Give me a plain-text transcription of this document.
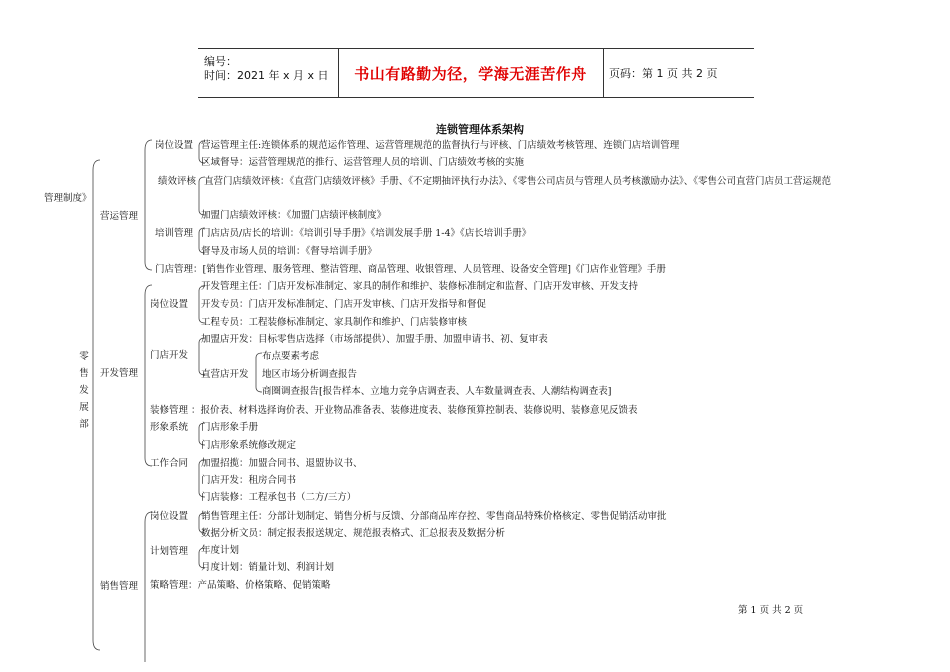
编号：
时间：2021 年 x 月 x 日	书山有路勤为径，学海无涯苦作舟	页码：第 1 页 共 2 页
连锁管理体系架构
零
售
发
展
部
管理制度》
营运管理
岗位设置 营运管理主任:连锁体系的规范运作管理、运营管理规范的监督执行与评核、门店绩效考核管理、连锁门店培训管理
区域督导：运营管理规范的推行、运营管理人员的培训、门店绩效考核的实施
绩效评核 直营门店绩效评核：《直营门店绩效评核》手册、《不定期抽评执行办法》、《零售公司店员与管理人员考核激励办法》、《零售公司直营门店员工营运规范
加盟门店绩效评核：《加盟门店绩评核制度》
培训管理 门店店员/店长的培训：《培训引导手册》《培训发展手册 1-4》《店长培训手册》
督导及市场人员的培训：《督导培训手册》
门店管理：[销售作业管理、服务管理、整洁管理、商品管理、收银管理、人员管理、设备安全管理]《门店作业管理》手册
开发管理
岗位设置
开发管理主任：门店开发标准制定、家具的制作和维护、装修标准制定和监督、门店开发审核、开发支持
开发专员：门店开发标准制定、门店开发审核、门店开发指导和督促
工程专员：工程装修标准制定、家具制作和维护、门店装修审核
门店开发
加盟店开发：目标零售店选择（市场部提供）、加盟手册、加盟申请书、初、复审表
直营店开发
布点要素考虑
地区市场分析调查报告
商圈调查报告[报告样本、立地力竞争店调查表、人车数量调查表、人潮结构调查表]
装修管理 ：报价表、材料选择询价表、开业物品准备表、装修进度表、装修预算控制表、装修说明、装修意见反馈表
形象系统 门店形象手册
门店形象系统修改规定
工作合同 加盟招揽：加盟合同书、退盟协议书、
门店开发：租房合同书
门店装修：工程承包书（二方/三方）
销售管理
岗位设置 销售管理主任：分部计划制定、销售分析与反馈、分部商品库存控、零售商品特殊价格核定、零售促销活动审批
数据分析文员：制定报表报送规定、规范报表格式、汇总报表及数据分析
计划管理 年度计划
月度计划：销量计划、利润计划
策略管理：产品策略、价格策略、促销策略
第 1 页 共 2 页
